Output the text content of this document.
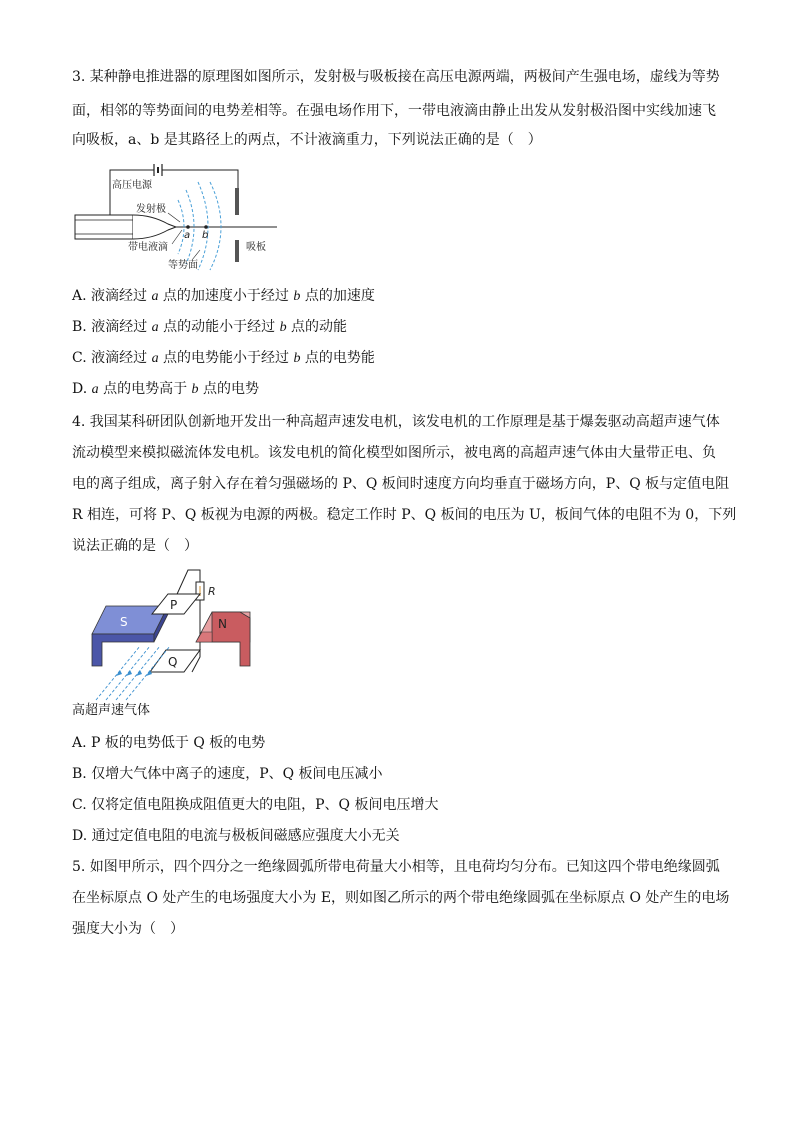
3. 某种静电推进器的原理图如图所示，发射极与吸板接在高压电源两端，两极间产生强电场，虚线为等势
面，相邻的等势面间的电势差相等。在强电场作用下，一带电液滴由静止出发从发射极沿图中实线加速飞
向吸板，a、b 是其路径上的两点，不计液滴重力，下列说法正确的是（　）
高压电源
吸板
a b
发射极
带电液滴
等势面
A. 液滴经过 a 点的加速度小于经过 b 点的加速度
B. 液滴经过 a 点的动能小于经过 b 点的动能
C. 液滴经过 a 点的电势能小于经过 b 点的电势能
D. a 点的电势高于 b 点的电势
4. 我国某科研团队创新地开发出一种高超声速发电机，该发电机的工作原理是基于爆轰驱动高超声速气体
流动模型来模拟磁流体发电机。该发电机的简化模型如图所示，被电离的高超声速气体由大量带正电、负
电的离子组成，离子射入存在着匀强磁场的 P、Q 板间时速度方向均垂直于磁场方向，P、Q 板与定值电阻
R 相连，可将 P、Q 板视为电源的两极。稳定工作时 P、Q 板间的电压为 U，板间气体的电阻不为 0，下列
说法正确的是（　）
R
S
P
Q
N
高超声速气体
A. P 板的电势低于 Q 板的电势
B. 仅增大气体中离子的速度，P、Q 板间电压减小
C. 仅将定值电阻换成阻值更大的电阻，P、Q 板间电压增大
D. 通过定值电阻的电流与极板间磁感应强度大小无关
5. 如图甲所示，四个四分之一绝缘圆弧所带电荷量大小相等，且电荷均匀分布。已知这四个带电绝缘圆弧
在坐标原点 O 处产生的电场强度大小为 E，则如图乙所示的两个带电绝缘圆弧在坐标原点 O 处产生的电场
强度大小为（　）
